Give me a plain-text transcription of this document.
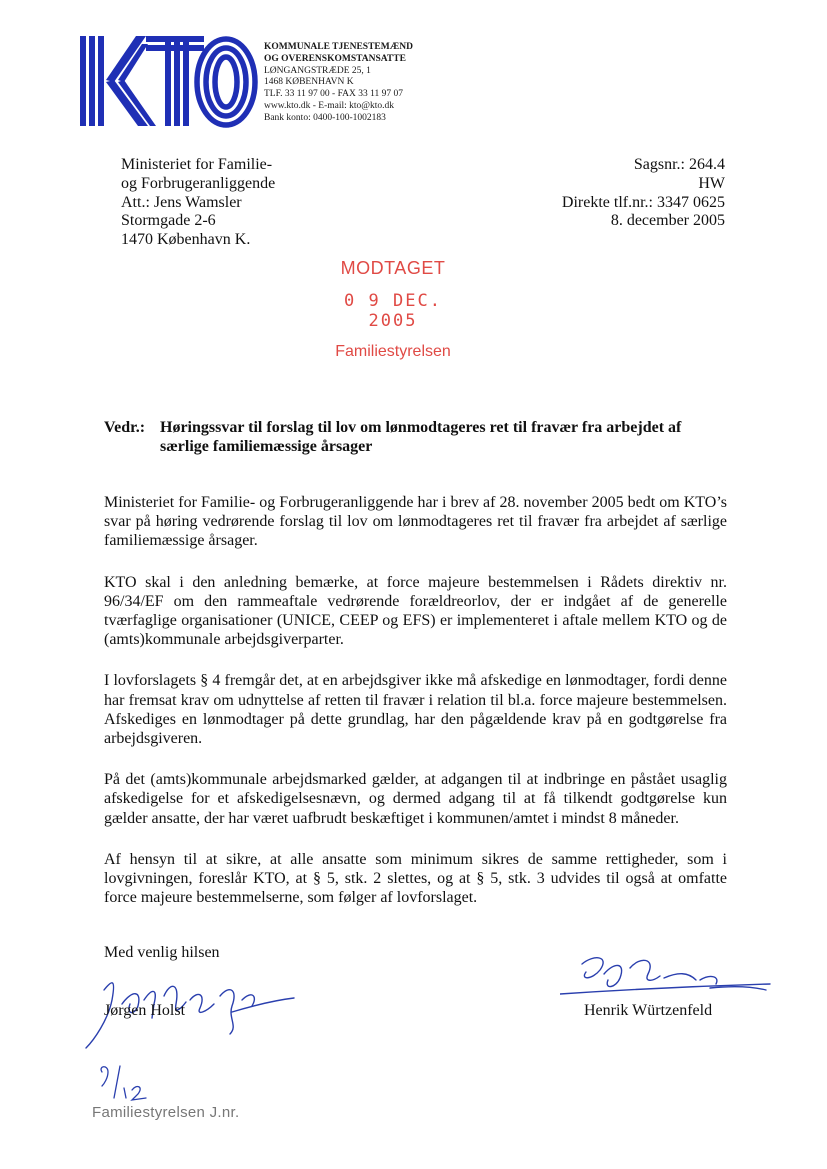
KOMMUNALE TJENESTEMÆND
OG OVERENSKOMSTANSATTE
LØNGANGSTRÆDE 25, 1
1468 KØBENHAVN K
TLF. 33 11 97 00 - FAX 33 11 97 07
www.kto.dk - E-mail: kto@kto.dk
Bank konto: 0400-100-1002183
Ministeriet for Familie-
og Forbrugeranliggende
Att.: Jens Wamsler
Stormgade 2-6
1470 København K.
Sagsnr.: 264.4
HW
Direkte tlf.nr.: 3347 0625
8. december 2005
MODTAGET
0 9 DEC. 2005
Familiestyrelsen
Vedr.: Høringssvar til forslag til lov om lønmodtageres ret til fravær fra arbejdet af særlige familiemæssige årsager

Ministeriet for Familie- og Forbrugeranliggende har i brev af 28. november 2005 bedt om KTO’s svar på høring vedrørende forslag til lov om lønmodtageres ret til fravær fra arbejdet af særlige familiemæssige årsager.

KTO skal i den anledning bemærke, at force majeure bestemmelsen i Rådets direktiv nr. 96/34/EF om den rammeaftale vedrørende forældreorlov, der er indgået af de generelle tværfaglige organisationer (UNICE, CEEP og EFS) er implementeret i aftale mellem KTO og de (amts)kommunale arbejdsgiverparter.

I lovforslagets § 4 fremgår det, at en arbejdsgiver ikke må afskedige en lønmodtager, fordi denne har fremsat krav om udnyttelse af retten til fravær i relation til bl.a. force majeure bestemmelsen. Afskediges en lønmodtager på dette grundlag, har den pågældende krav på en godtgørelse fra arbejdsgiveren.

På det (amts)kommunale arbejdsmarked gælder, at adgangen til at indbringe en påstået usaglig afskedigelse for et afskedigelsesnævn, og dermed adgang til at få tilkendt godtgørelse kun gælder ansatte, der har været uafbrudt beskæftiget i kommunen/amtet i mindst 8 måneder.

Af hensyn til at sikre, at alle ansatte som minimum sikres de samme rettigheder, som i lovgivningen, foreslår KTO, at § 5, stk. 2 slettes, og at § 5, stk. 3 udvides til også at omfatte force majeure bestemmelserne, som følger af lovforslaget.

Med venlig hilsen
Jørgen Holst	Henrik Würtzenfeld
Familiestyrelsen J.nr.
